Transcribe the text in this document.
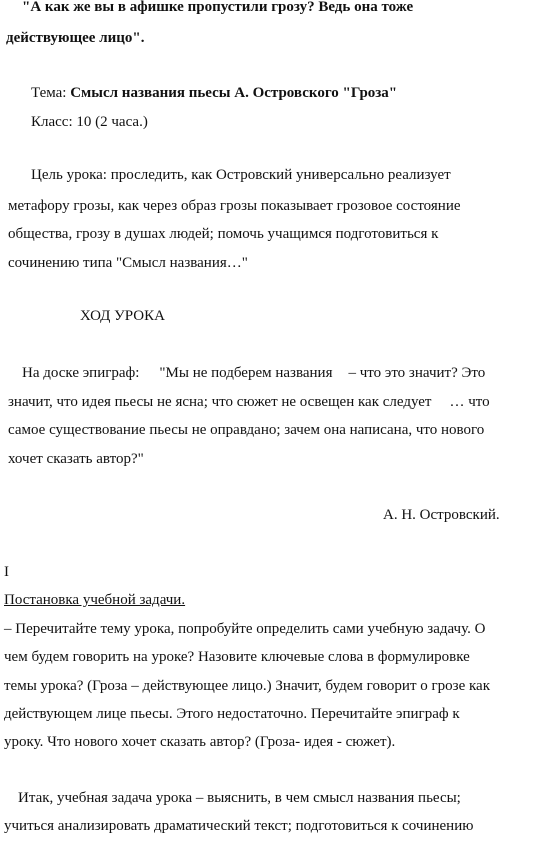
"А как же вы в афишке пропустили грозу? Ведь она тоже
действующее лицо".
Тема: Смысл названия пьесы А. Островского "Гроза"
Класс: 10 (2 часа.)
Цель урока: проследить, как Островский универсально реализует
метафору грозы, как через образ грозы показывает грозовое состояние
общества, грозу в душах людей; помочь учащимся подготовиться к
сочинению типа "Смысл названия…"
ХОД УРОКА
На доске эпиграф: "Мы не подберем названия – что это значит? Это
значит, что идея пьесы не ясна; что сюжет не освещен как следует … что
самое существование пьесы не оправдано; зачем она написана, что нового
хочет сказать автор?"
А. Н. Островский.
I
Постановка учебной задачи.
– Перечитайте тему урока, попробуйте определить сами учебную задачу. О
чем будем говорить на уроке? Назовите ключевые слова в формулировке
темы урока? (Гроза – действующее лицо.) Значит, будем говорит о грозе как
действующем лице пьесы. Этого недостаточно. Перечитайте эпиграф к
уроку. Что нового хочет сказать автор? (Гроза- идея - сюжет).
Итак, учебная задача урока – выяснить, в чем смысл названия пьесы;
учиться анализировать драматический текст; подготовиться к сочинению
